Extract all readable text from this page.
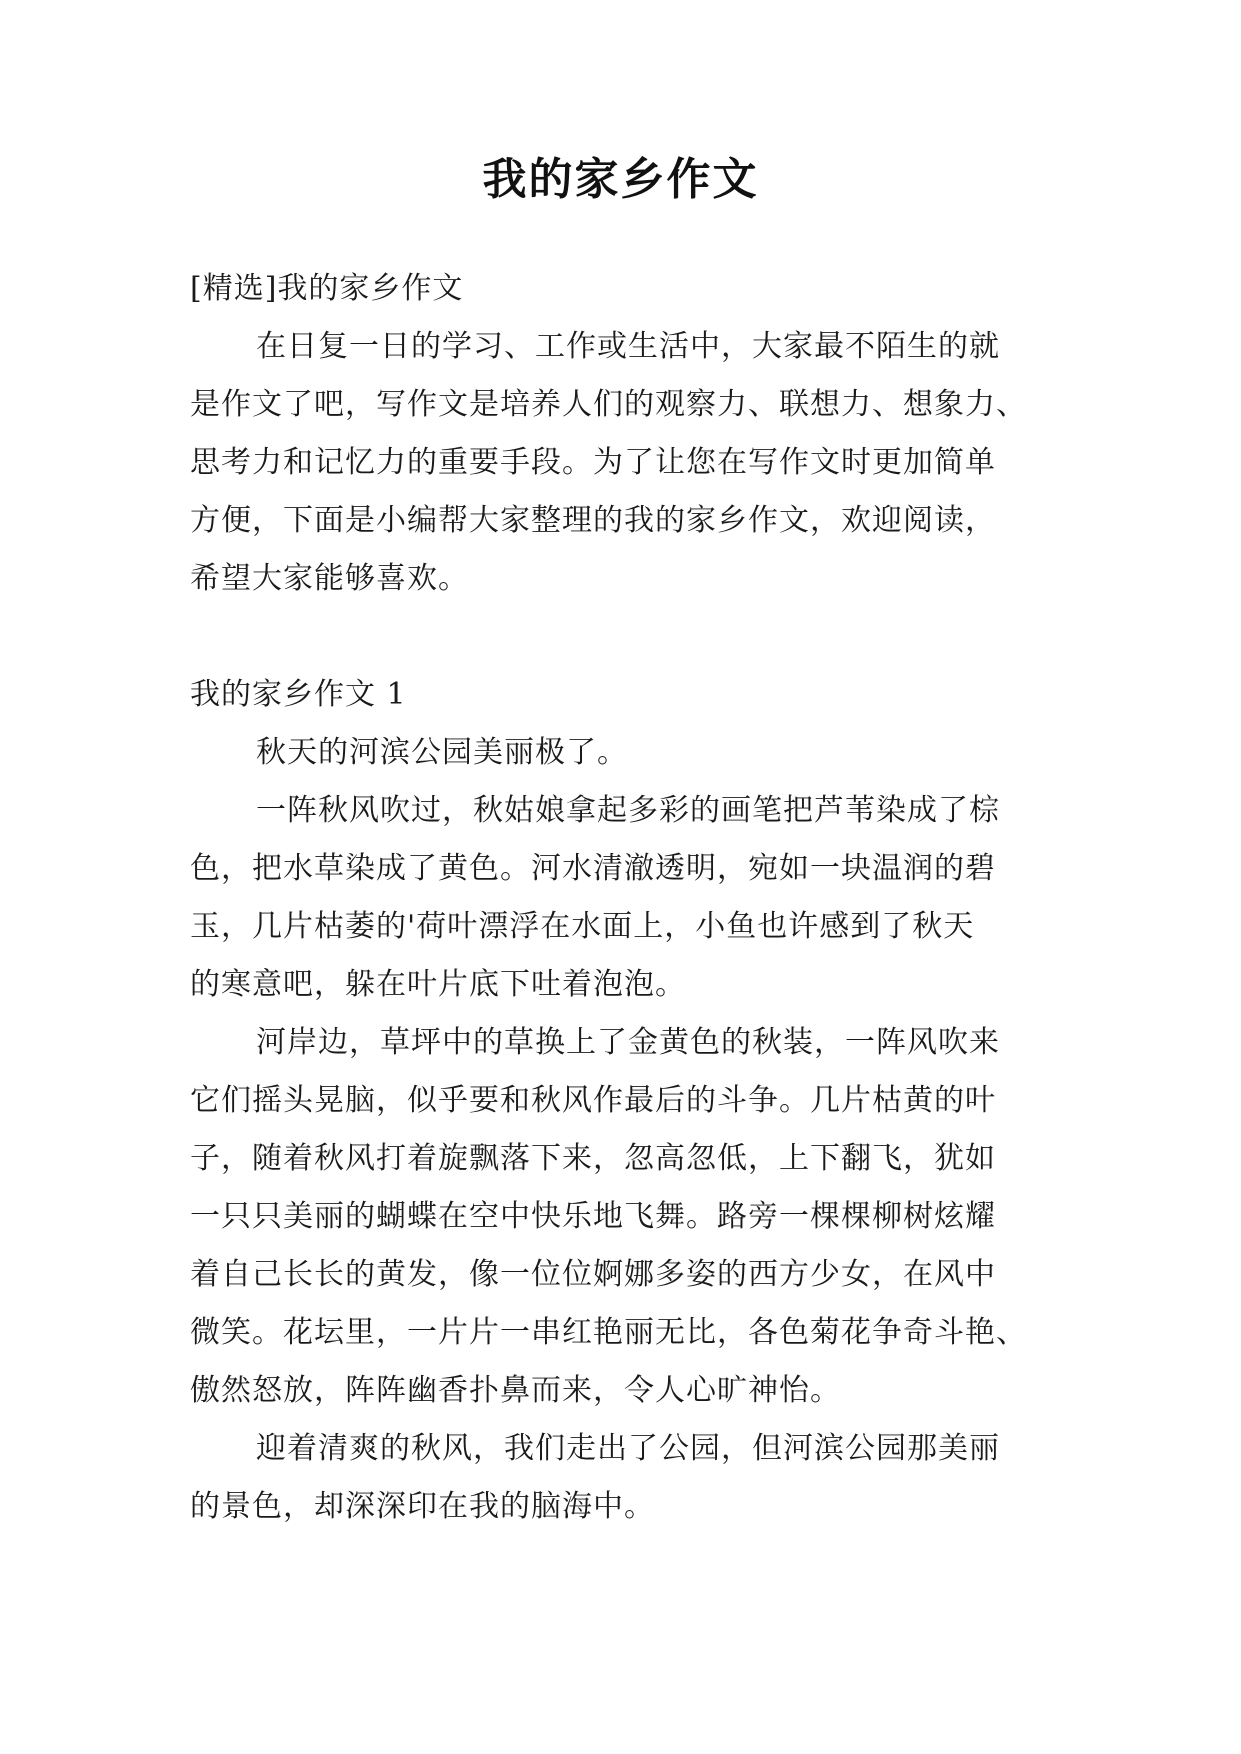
我的家乡作文
[精选]我的家乡作文
在日复一日的学习、工作或生活中，大家最不陌生的就
是作文了吧，写作文是培养人们的观察力、联想力、想象力、
思考力和记忆力的重要手段。为了让您在写作文时更加简单
方便，下面是小编帮大家整理的我的家乡作文，欢迎阅读，
希望大家能够喜欢。
我的家乡作文 1
秋天的河滨公园美丽极了。
一阵秋风吹过，秋姑娘拿起多彩的画笔把芦苇染成了棕
色，把水草染成了黄色。河水清澈透明，宛如一块温润的碧
玉，几片枯萎的'荷叶漂浮在水面上，小鱼也许感到了秋天
的寒意吧，躲在叶片底下吐着泡泡。
河岸边，草坪中的草换上了金黄色的秋装，一阵风吹来
它们摇头晃脑，似乎要和秋风作最后的斗争。几片枯黄的叶
子，随着秋风打着旋飘落下来，忽高忽低，上下翻飞，犹如
一只只美丽的蝴蝶在空中快乐地飞舞。路旁一棵棵柳树炫耀
着自己长长的黄发，像一位位婀娜多姿的西方少女，在风中
微笑。花坛里，一片片一串红艳丽无比，各色菊花争奇斗艳、
傲然怒放，阵阵幽香扑鼻而来，令人心旷神怡。
迎着清爽的秋风，我们走出了公园，但河滨公园那美丽
的景色，却深深印在我的脑海中。
